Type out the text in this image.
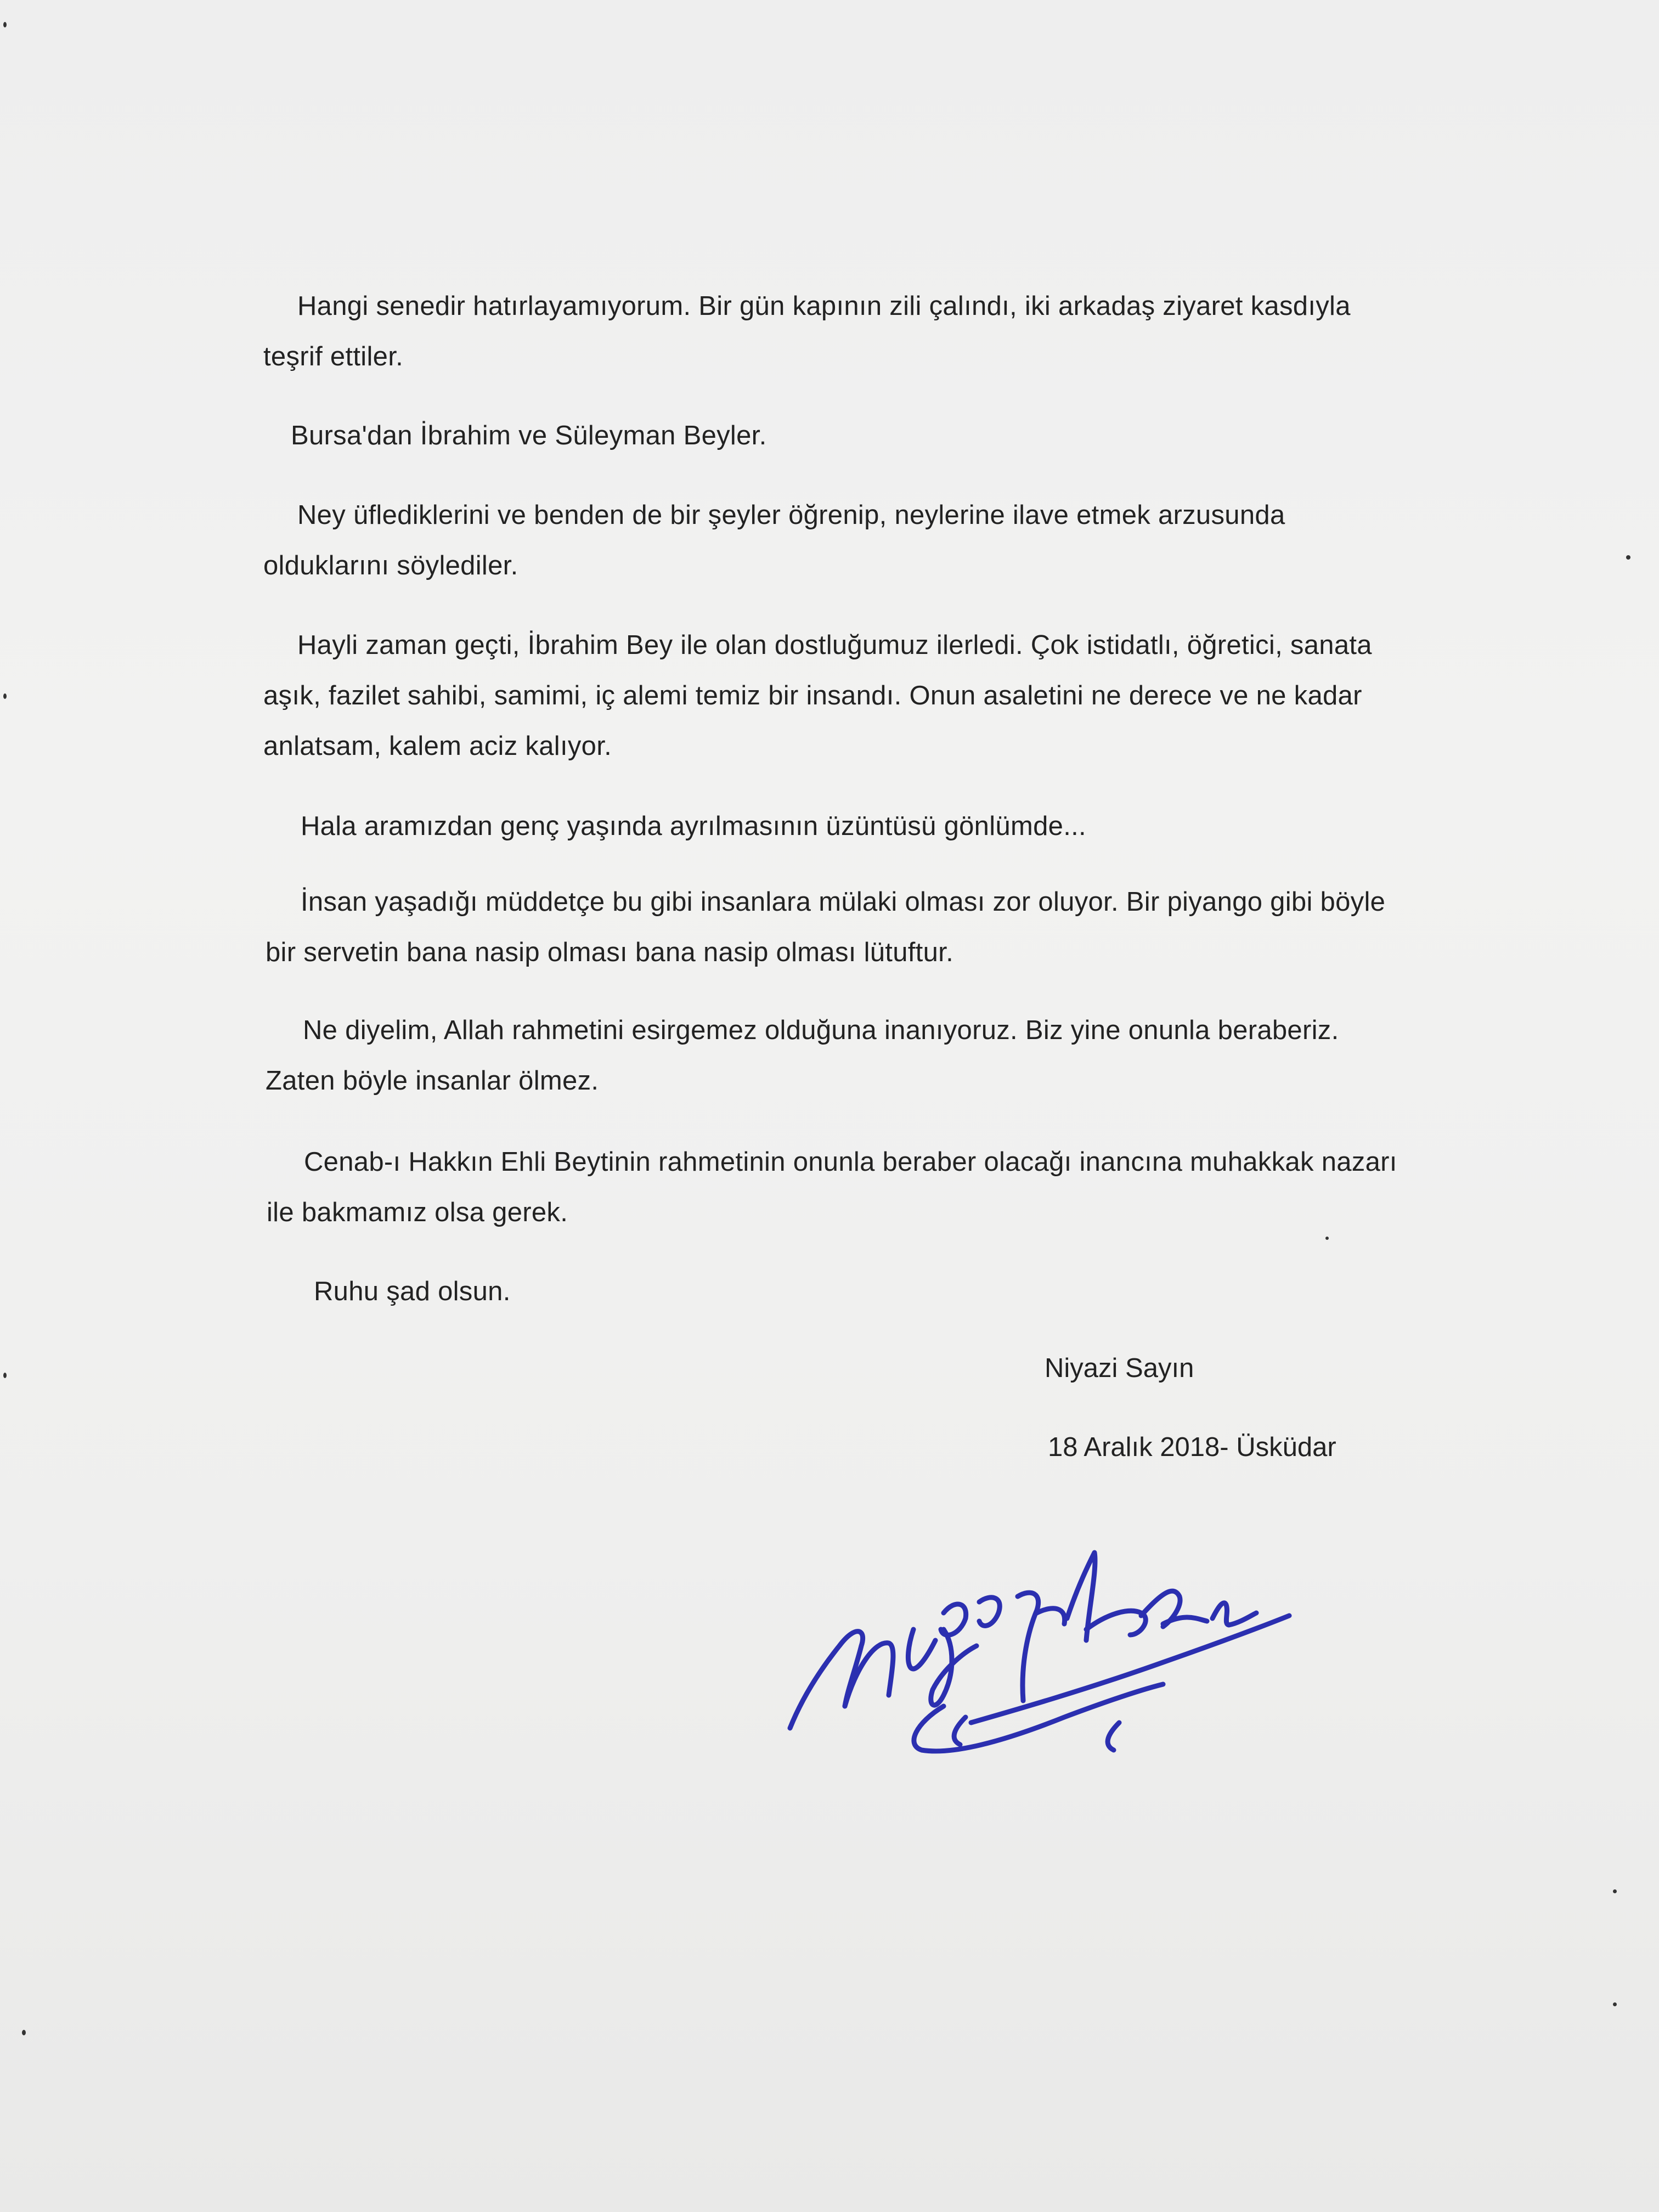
Hangi senedir hatırlayamıyorum. Bir gün kapının zili çalındı, iki arkadaş ziyaret kasdıyla
teşrif ettiler.

Bursa'dan İbrahim ve Süleyman Beyler.

Ney üflediklerini ve benden de bir şeyler öğrenip, neylerine ilave etmek arzusunda
olduklarını söylediler.

Hayli zaman geçti, İbrahim Bey ile olan dostluğumuz ilerledi. Çok istidatlı, öğretici, sanata
aşık, fazilet sahibi, samimi, iç alemi temiz bir insandı. Onun asaletini ne derece ve ne kadar
anlatsam, kalem aciz kalıyor.

Hala aramızdan genç yaşında ayrılmasının üzüntüsü gönlümde...

İnsan yaşadığı müddetçe bu gibi insanlara mülaki olması zor oluyor. Bir piyango gibi böyle
bir servetin bana nasip olması bana nasip olması lütuftur.

Ne diyelim, Allah rahmetini esirgemez olduğuna inanıyoruz. Biz yine onunla beraberiz.
Zaten böyle insanlar ölmez.

Cenab-ı Hakkın Ehli Beytinin rahmetinin onunla beraber olacağı inancına muhakkak nazarı
ile bakmamız olsa gerek.

Ruhu şad olsun.

Niyazi Sayın
18 Aralık 2018- Üsküdar
